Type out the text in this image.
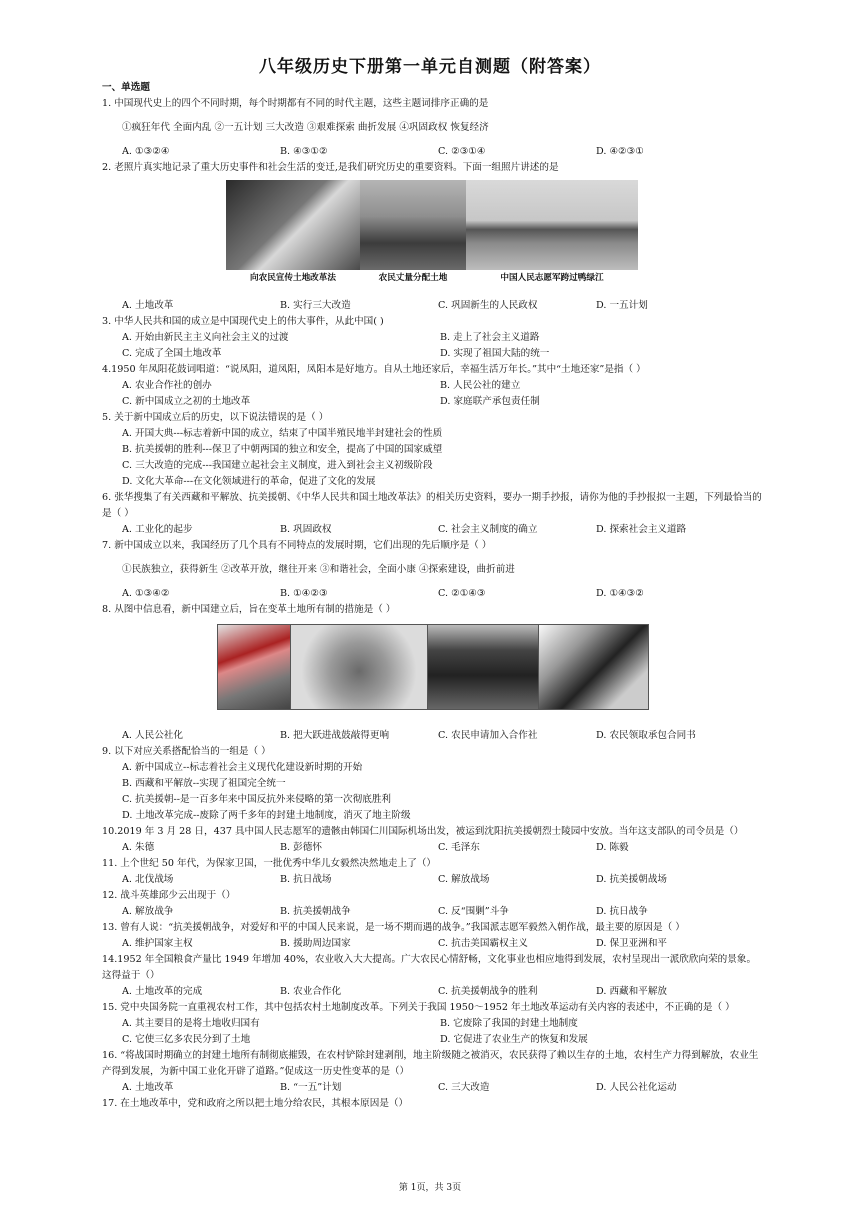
八年级历史下册第一单元自测题（附答案）
一、单选题
1. 中国现代史上的四个不同时期，每个时期都有不同的时代主题，这些主题词排序正确的是
①疯狂年代 全面内乱 ②一五计划 三大改造 ③艰难探索 曲折发展 ④巩固政权 恢复经济
A. ①③②④	B. ④③①②	C. ②③①④	D. ④②③①
2. 老照片真实地记录了重大历史事件和社会生活的变迁,是我们研究历史的重要资料。下面一组照片讲述的是
向农民宣传土地改革法	农民丈量分配土地	中国人民志愿军跨过鸭绿江
A. 土地改革	B. 实行三大改造	C. 巩固新生的人民政权	D. 一五计划
3. 中华人民共和国的成立是中国现代史上的伟大事件，从此中国( )
A. 开始由新民主主义向社会主义的过渡	B. 走上了社会主义道路
C. 完成了全国土地改革	D. 实现了祖国大陆的统一
4.1950 年凤阳花鼓词唱道：“说凤阳，道凤阳，凤阳本是好地方。自从土地还家后，幸福生活万年长。”其中“土地还家”是指（ ）
A. 农业合作社的创办	B. 人民公社的建立
C. 新中国成立之初的土地改革	D. 家庭联产承包责任制
5. 关于新中国成立后的历史，以下说法错误的是（ ）
A. 开国大典---标志着新中国的成立，结束了中国半殖民地半封建社会的性质
B. 抗美援朝的胜利---保卫了中朝两国的独立和安全，提高了中国的国家威望
C. 三大改造的完成---我国建立起社会主义制度，进入到社会主义初级阶段
D. 文化大革命---在文化领域进行的革命，促进了文化的发展
6. 张华搜集了有关西藏和平解放、抗美援朝、《中华人民共和国土地改革法》的相关历史资料，要办一期手抄报，请你为他的手抄报拟一主题，下列最恰当的是（ ）
A. 工业化的起步	B. 巩固政权	C. 社会主义制度的确立	D. 探索社会主义道路
7. 新中国成立以来，我国经历了几个具有不同特点的发展时期，它们出现的先后顺序是（ ）
①民族独立，获得新生 ②改革开放，继往开来 ③和谐社会，全面小康 ④探索建设，曲折前进
A. ①③④②	B. ①④②③	C. ②①④③	D. ①④③②
8. 从图中信息看，新中国建立后，旨在变革土地所有制的措施是（ ）
A. 人民公社化	B. 把大跃进战鼓敲得更响	C. 农民申请加入合作社	D. 农民领取承包合同书
9. 以下对应关系搭配恰当的一组是（ ）
A. 新中国成立--标志着社会主义现代化建设新时期的开始
B. 西藏和平解放--实现了祖国完全统一
C. 抗美援朝--是一百多年来中国反抗外来侵略的第一次彻底胜利
D. 土地改革完成--废除了两千多年的封建土地制度，消灭了地主阶级
10.2019 年 3 月 28 日，437 具中国人民志愿军的遗骸由韩国仁川国际机场出发，被运到沈阳抗美援朝烈士陵园中安放。当年这支部队的司令员是（）
A. 朱德	B. 彭德怀	C. 毛泽东	D. 陈毅
11. 上个世纪 50 年代，为保家卫国，一批优秀中华儿女毅然决然地走上了（）
A. 北伐战场	B. 抗日战场	C. 解放战场	D. 抗美援朝战场
12. 战斗英雄邱少云出现于（）
A. 解放战争	B. 抗美援朝战争	C. 反“围剿”斗争	D. 抗日战争
13. 曾有人说：“抗美援朝战争，对爱好和平的中国人民来说，是一场不期而遇的战争。”我国派志愿军毅然入朝作战，最主要的原因是（ ）
A. 维护国家主权	B. 援助周边国家	C. 抗击美国霸权主义	D. 保卫亚洲和平
14.1952 年全国粮食产量比 1949 年增加 40%，农业收入大大提高。广大农民心情舒畅，文化事业也相应地得到发展，农村呈现出一派欣欣向荣的景象。这得益于（）
A. 土地改革的完成	B. 农业合作化	C. 抗美援朝战争的胜利	D. 西藏和平解放
15. 党中央国务院一直重视农村工作，其中包括农村土地制度改革。下列关于我国 1950～1952 年土地改革运动有关内容的表述中，不正确的是（ ）
A. 其主要目的是将土地收归国有	B. 它废除了我国的封建土地制度
C. 它使三亿多农民分到了土地	D. 它促进了农业生产的恢复和发展
16. “将战国时期确立的封建土地所有制彻底摧毁，在农村铲除封建剥削，地主阶级随之被消灭，农民获得了赖以生存的土地，农村生产力得到解放，农业生产得到发展，为新中国工业化开辟了道路。”促成这一历史性变革的是（）
A. 土地改革	B. “一五”计划	C. 三大改造	D. 人民公社化运动
17. 在土地改革中，党和政府之所以把土地分给农民，其根本原因是（）
第 1页，共 3页
